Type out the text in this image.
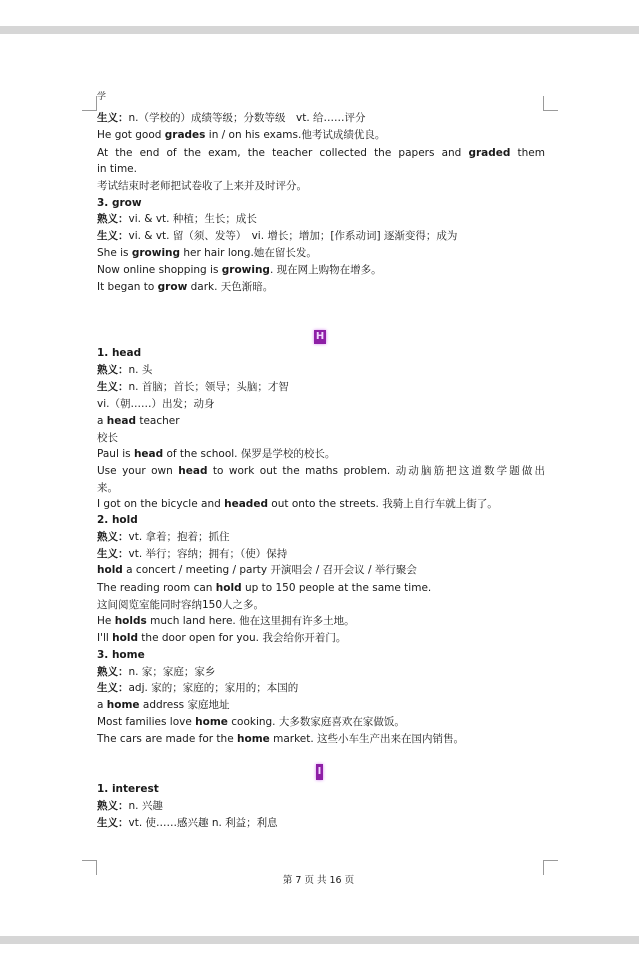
学
生义：n.（学校的）成绩等级；分数等级　vt. 给……评分
He got good grades in / on his exams.他考试成绩优良。
At the end of the exam, the teacher collected the papers and graded them
in time.
考试结束时老师把试卷收了上来并及时评分。
3. grow
熟义：vi. & vt. 种植；生长；成长
生义：vi. & vt. 留（须、发等）　vi. 增长；增加；[作系动词] 逐渐变得；成为
She is growing her hair long.她在留长发。
Now online shopping is growing. 现在网上购物在增多。
It began to grow dark. 天色渐暗。
1. head
熟义：n. 头
生义：n. 首脑；首长；领导；头脑；才智
vi.（朝……）出发；动身
a head teacher
校长
Paul is head of the school. 保罗是学校的校长。
Use your own head to work out the maths problem. 动动脑筋把这道数学题做出
来。
I got on the bicycle and headed out onto the streets. 我骑上自行车就上街了。
2. hold
熟义：vt. 拿着；抱着；抓住
生义：vt. 举行；容纳；拥有；（使）保持
hold a concert / meeting / party 开演唱会 / 召开会议 / 举行聚会
The reading room can hold up to 150 people at the same time.
这间阅览室能同时容纳150人之多。
He holds much land here. 他在这里拥有许多土地。
I'll hold the door open for you. 我会给你开着门。
3. home
熟义：n. 家；家庭；家乡
生义：adj. 家的；家庭的；家用的；本国的
a home address 家庭地址
Most families love home cooking. 大多数家庭喜欢在家做饭。
The cars are made for the home market. 这些小车生产出来在国内销售。
1. interest
熟义：n. 兴趣
生义：vt. 使……感兴趣 n. 利益；利息
H
I
第 7 页 共 16 页
